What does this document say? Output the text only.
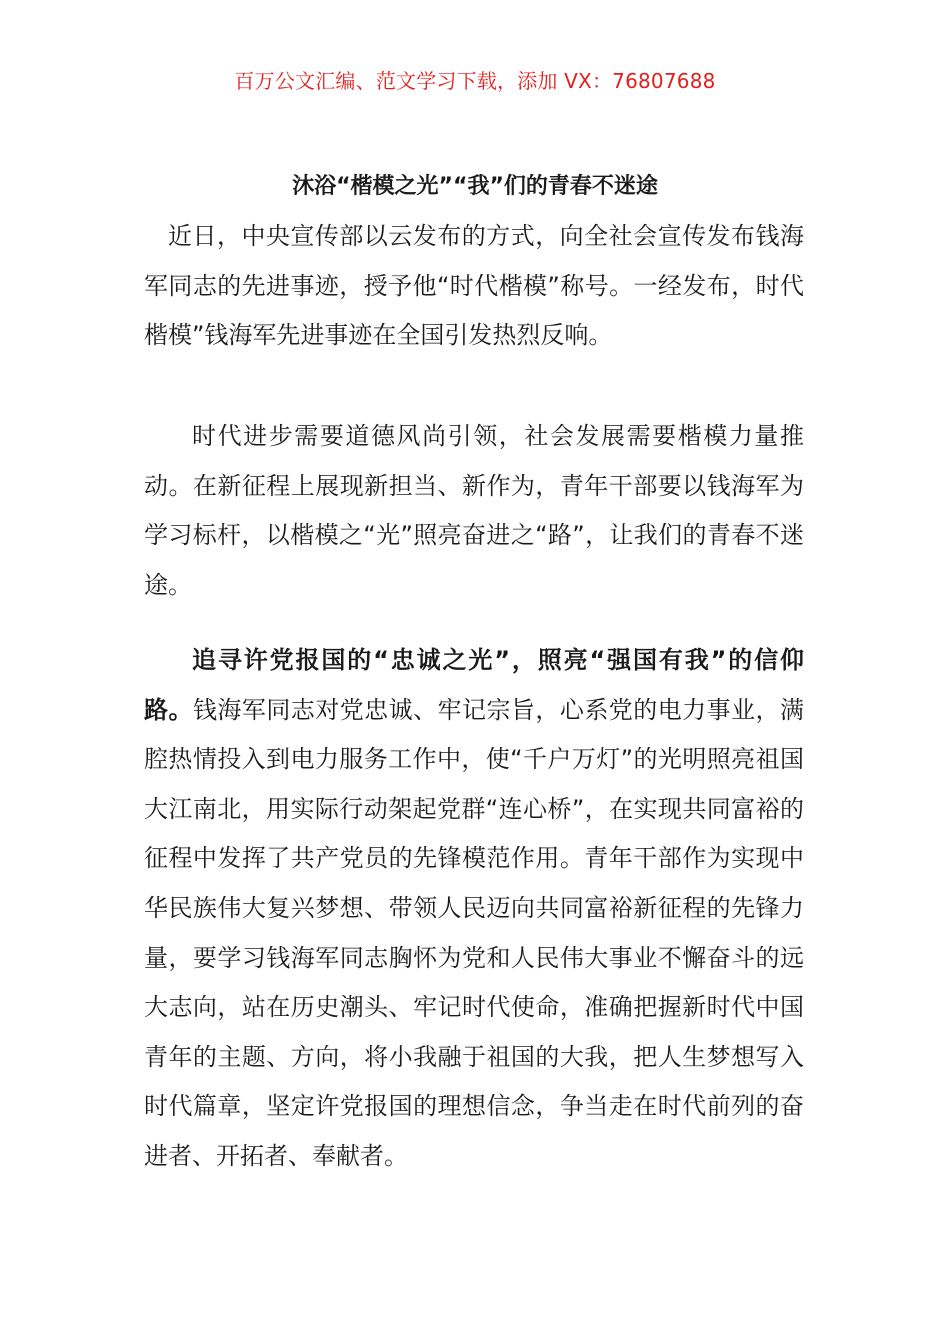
百万公文汇编、范文学习下载，添加 VX：76807688
沐浴“楷模之光”“我”们的青春不迷途

近日，中央宣传部以云发布的方式，向全社会宣传发布钱海军同志的先进事迹，授予他“时代楷模”称号。一经发布，时代楷模”钱海军先进事迹在全国引发热烈反响。

时代进步需要道德风尚引领，社会发展需要楷模力量推动。在新征程上展现新担当、新作为，青年干部要以钱海军为学习标杆，以楷模之“光”照亮奋进之“路”，让我们的青春不迷途。

追寻许党报国的“忠诚之光”，照亮“强国有我”的信仰路。钱海军同志对党忠诚、牢记宗旨，心系党的电力事业，满腔热情投入到电力服务工作中，使“千户万灯”的光明照亮祖国大江南北，用实际行动架起党群“连心桥”，在实现共同富裕的征程中发挥了共产党员的先锋模范作用。青年干部作为实现中华民族伟大复兴梦想、带领人民迈向共同富裕新征程的先锋力量，要学习钱海军同志胸怀为党和人民伟大事业不懈奋斗的远大志向，站在历史潮头、牢记时代使命，准确把握新时代中国青年的主题、方向，将小我融于祖国的大我，把人生梦想写入时代篇章，坚定许党报国的理想信念，争当走在时代前列的奋进者、开拓者、奉献者。
